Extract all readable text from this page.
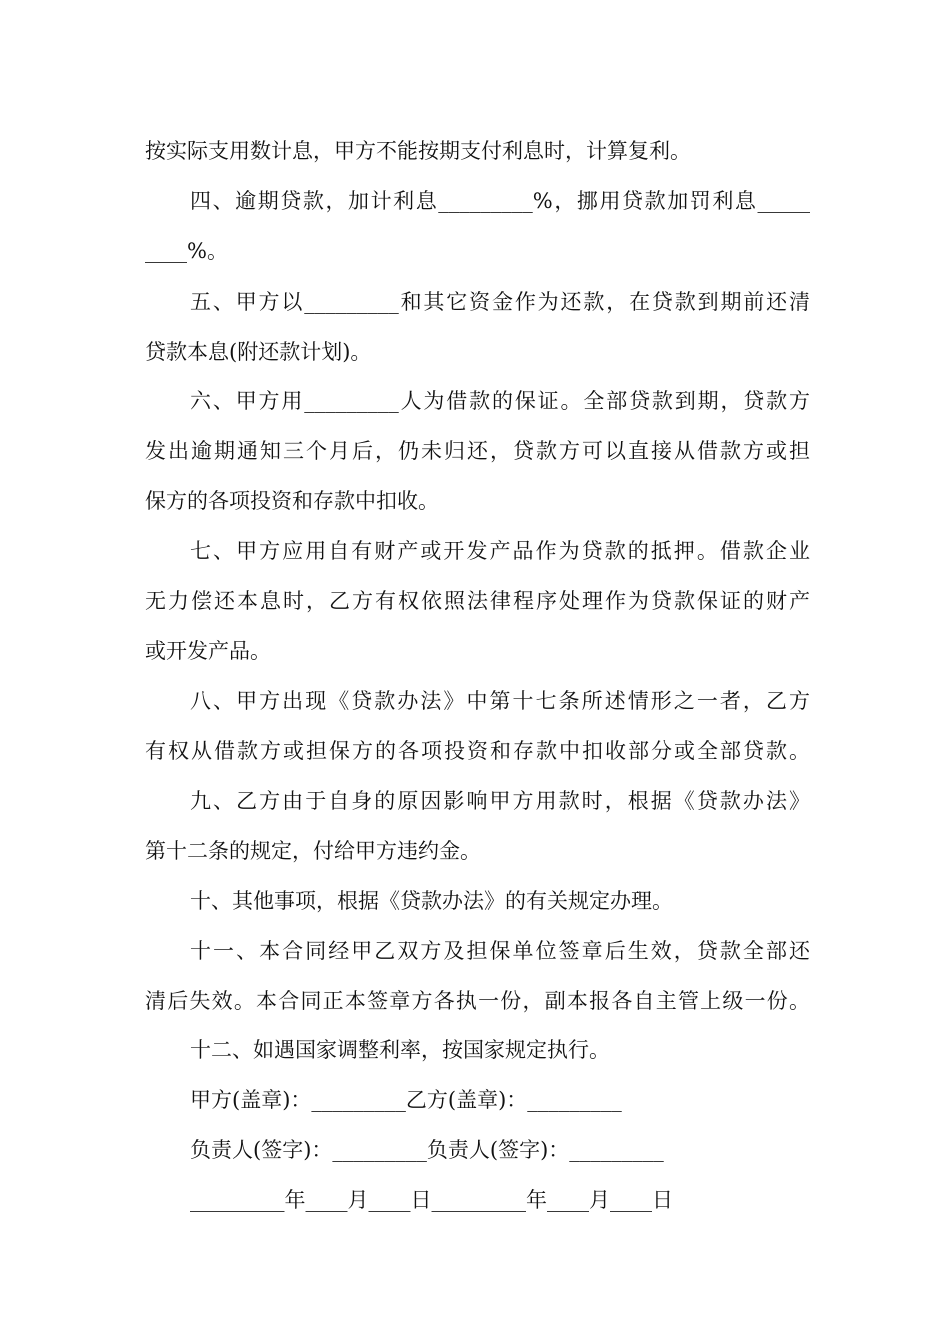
按实际支用数计息，甲方不能按期支付利息时，计算复利。
四、逾期贷款，加计利息_________%，挪用贷款加罚利息_____
____%。
五、甲方以_________和其它资金作为还款，在贷款到期前还清
贷款本息(附还款计划)。
六、甲方用_________人为借款的保证。全部贷款到期，贷款方
发出逾期通知三个月后，仍未归还，贷款方可以直接从借款方或担
保方的各项投资和存款中扣收。
七、甲方应用自有财产或开发产品作为贷款的抵押。借款企业
无力偿还本息时，乙方有权依照法律程序处理作为贷款保证的财产
或开发产品。
八、甲方出现《贷款办法》中第十七条所述情形之一者，乙方
有权从借款方或担保方的各项投资和存款中扣收部分或全部贷款。
九、乙方由于自身的原因影响甲方用款时，根据《贷款办法》
第十二条的规定，付给甲方违约金。
十、其他事项，根据《贷款办法》的有关规定办理。
十一、本合同经甲乙双方及担保单位签章后生效，贷款全部还
清后失效。本合同正本签章方各执一份，副本报各自主管上级一份。
十二、如遇国家调整利率，按国家规定执行。
甲方(盖章)：_________乙方(盖章)：_________
负责人(签字)：_________负责人(签字)：_________
_________年____月____日_________年____月____日
